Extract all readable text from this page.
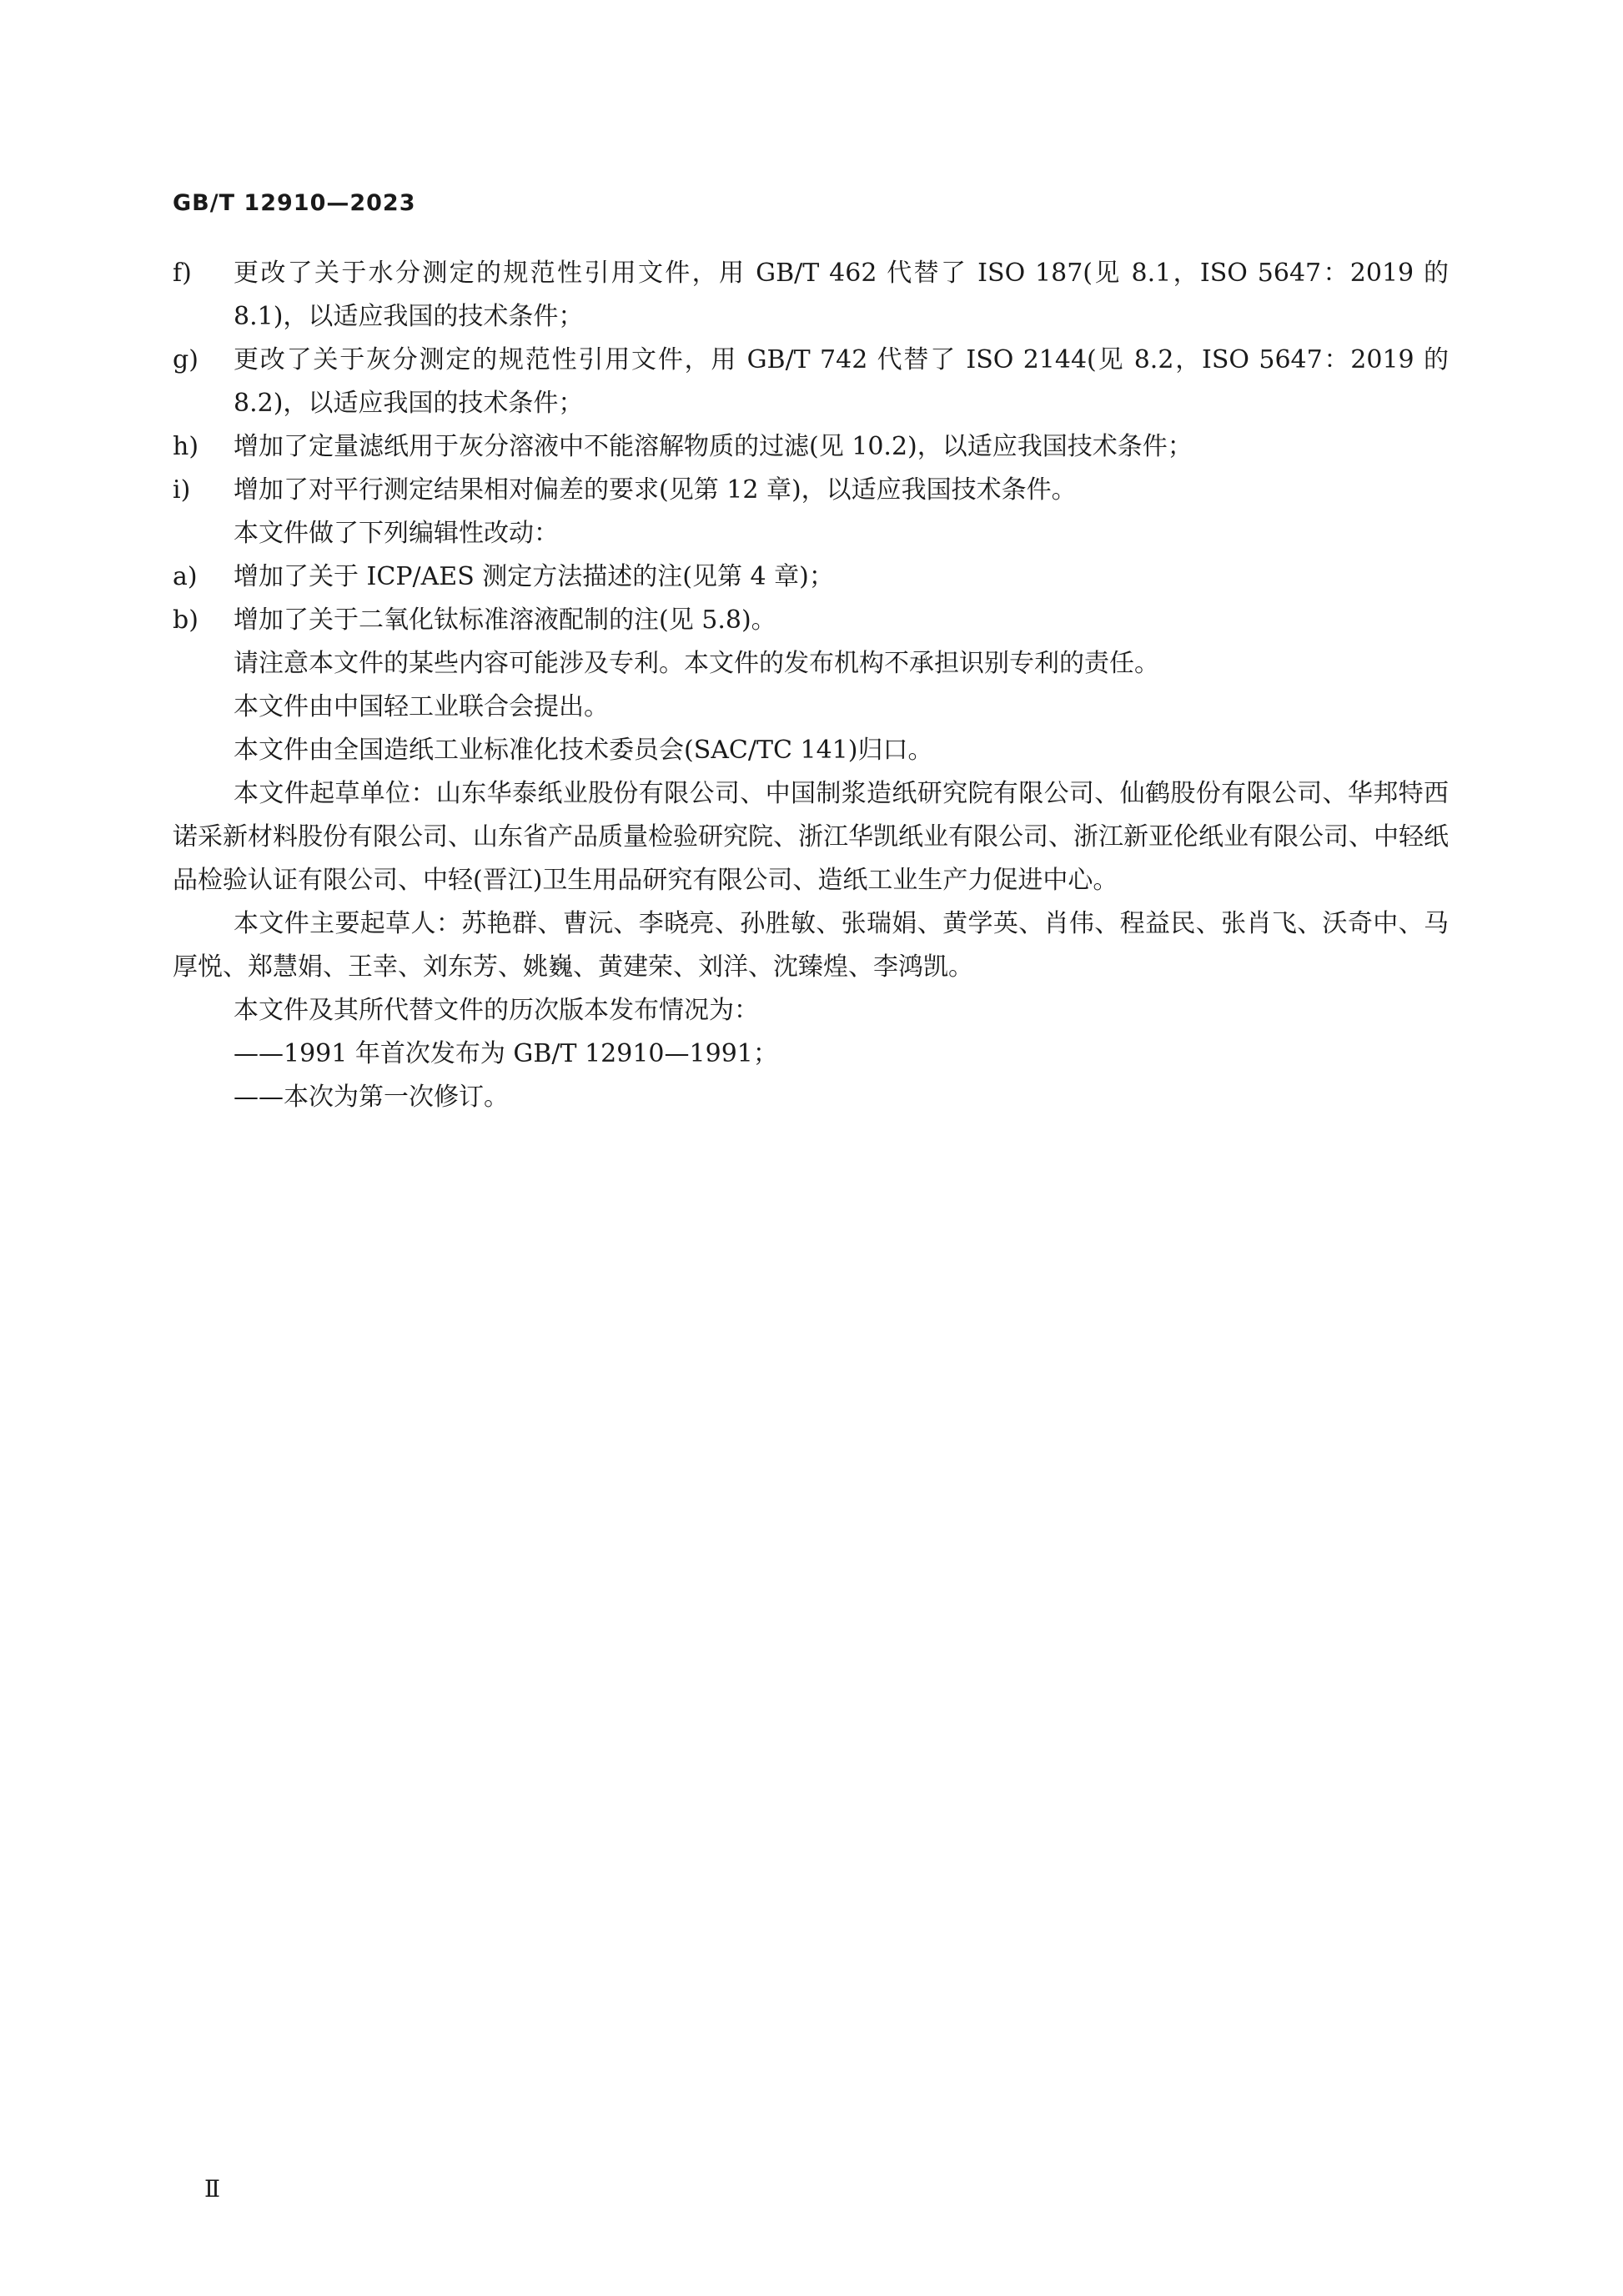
GB/T 12910—2023
f)	更改了关于水分测定的规范性引用文件，用 GB/T 462 代替了 ISO 187(见 8.1，ISO 5647：2019 的 8.1)，以适应我国的技术条件；
g)	更改了关于灰分测定的规范性引用文件，用 GB/T 742 代替了 ISO 2144(见 8.2，ISO 5647：2019 的 8.2)，以适应我国的技术条件；
h)	增加了定量滤纸用于灰分溶液中不能溶解物质的过滤(见 10.2)，以适应我国技术条件；
i)	增加了对平行测定结果相对偏差的要求(见第 12 章)，以适应我国技术条件。
本文件做了下列编辑性改动：
a)	增加了关于 ICP/AES 测定方法描述的注(见第 4 章)；
b)	增加了关于二氧化钛标准溶液配制的注(见 5.8)。
请注意本文件的某些内容可能涉及专利。本文件的发布机构不承担识别专利的责任。
本文件由中国轻工业联合会提出。
本文件由全国造纸工业标准化技术委员会(SAC/TC 141)归口。
本文件起草单位：山东华泰纸业股份有限公司、中国制浆造纸研究院有限公司、仙鹤股份有限公司、华邦特西诺采新材料股份有限公司、山东省产品质量检验研究院、浙江华凯纸业有限公司、浙江新亚伦纸业有限公司、中轻纸品检验认证有限公司、中轻(晋江)卫生用品研究有限公司、造纸工业生产力促进中心。
本文件主要起草人：苏艳群、曹沅、李晓亮、孙胜敏、张瑞娟、黄学英、肖伟、程益民、张肖飞、沃奇中、马厚悦、郑慧娟、王幸、刘东芳、姚巍、黄建荣、刘洋、沈臻煌、李鸿凯。
本文件及其所代替文件的历次版本发布情况为：
——1991 年首次发布为 GB/T 12910—1991；
——本次为第一次修订。
Ⅱ
